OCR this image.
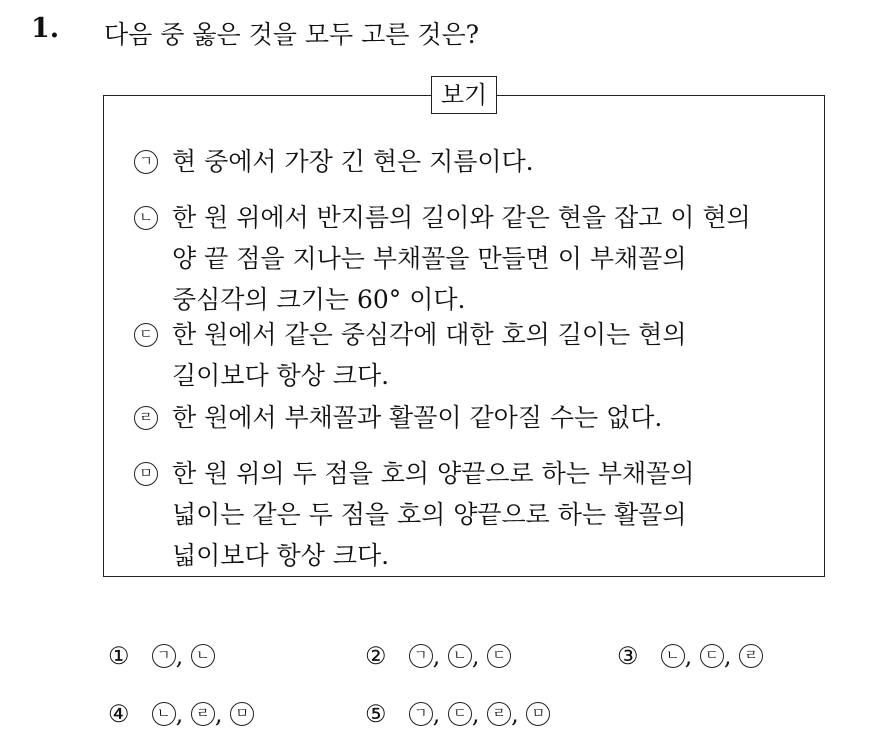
1. 다음 중 옳은 것을 모두 고른 것은?
보기
ㄱ 현 중에서 가장 긴 현은 지름이다.
ㄴ 한 원 위에서 반지름의 길이와 같은 현을 잡고 이 현의
양 끝 점을 지나는 부채꼴을 만들면 이 부채꼴의
중심각의 크기는 60° 이다.
ㄷ 한 원에서 같은 중심각에 대한 호의 길이는 현의
길이보다 항상 크다.
ㄹ 한 원에서 부채꼴과 활꼴이 같아질 수는 없다.
ㅁ 한 원 위의 두 점을 호의 양끝으로 하는 부채꼴의
넓이는 같은 두 점을 호의 양끝으로 하는 활꼴의
넓이보다 항상 크다.
① ㄱ , ㄴ	② ㄱ , ㄴ , ㄷ	③ ㄴ , ㄷ , ㄹ
④ ㄴ , ㄹ , ㅁ	⑤ ㄱ , ㄷ , ㄹ , ㅁ
